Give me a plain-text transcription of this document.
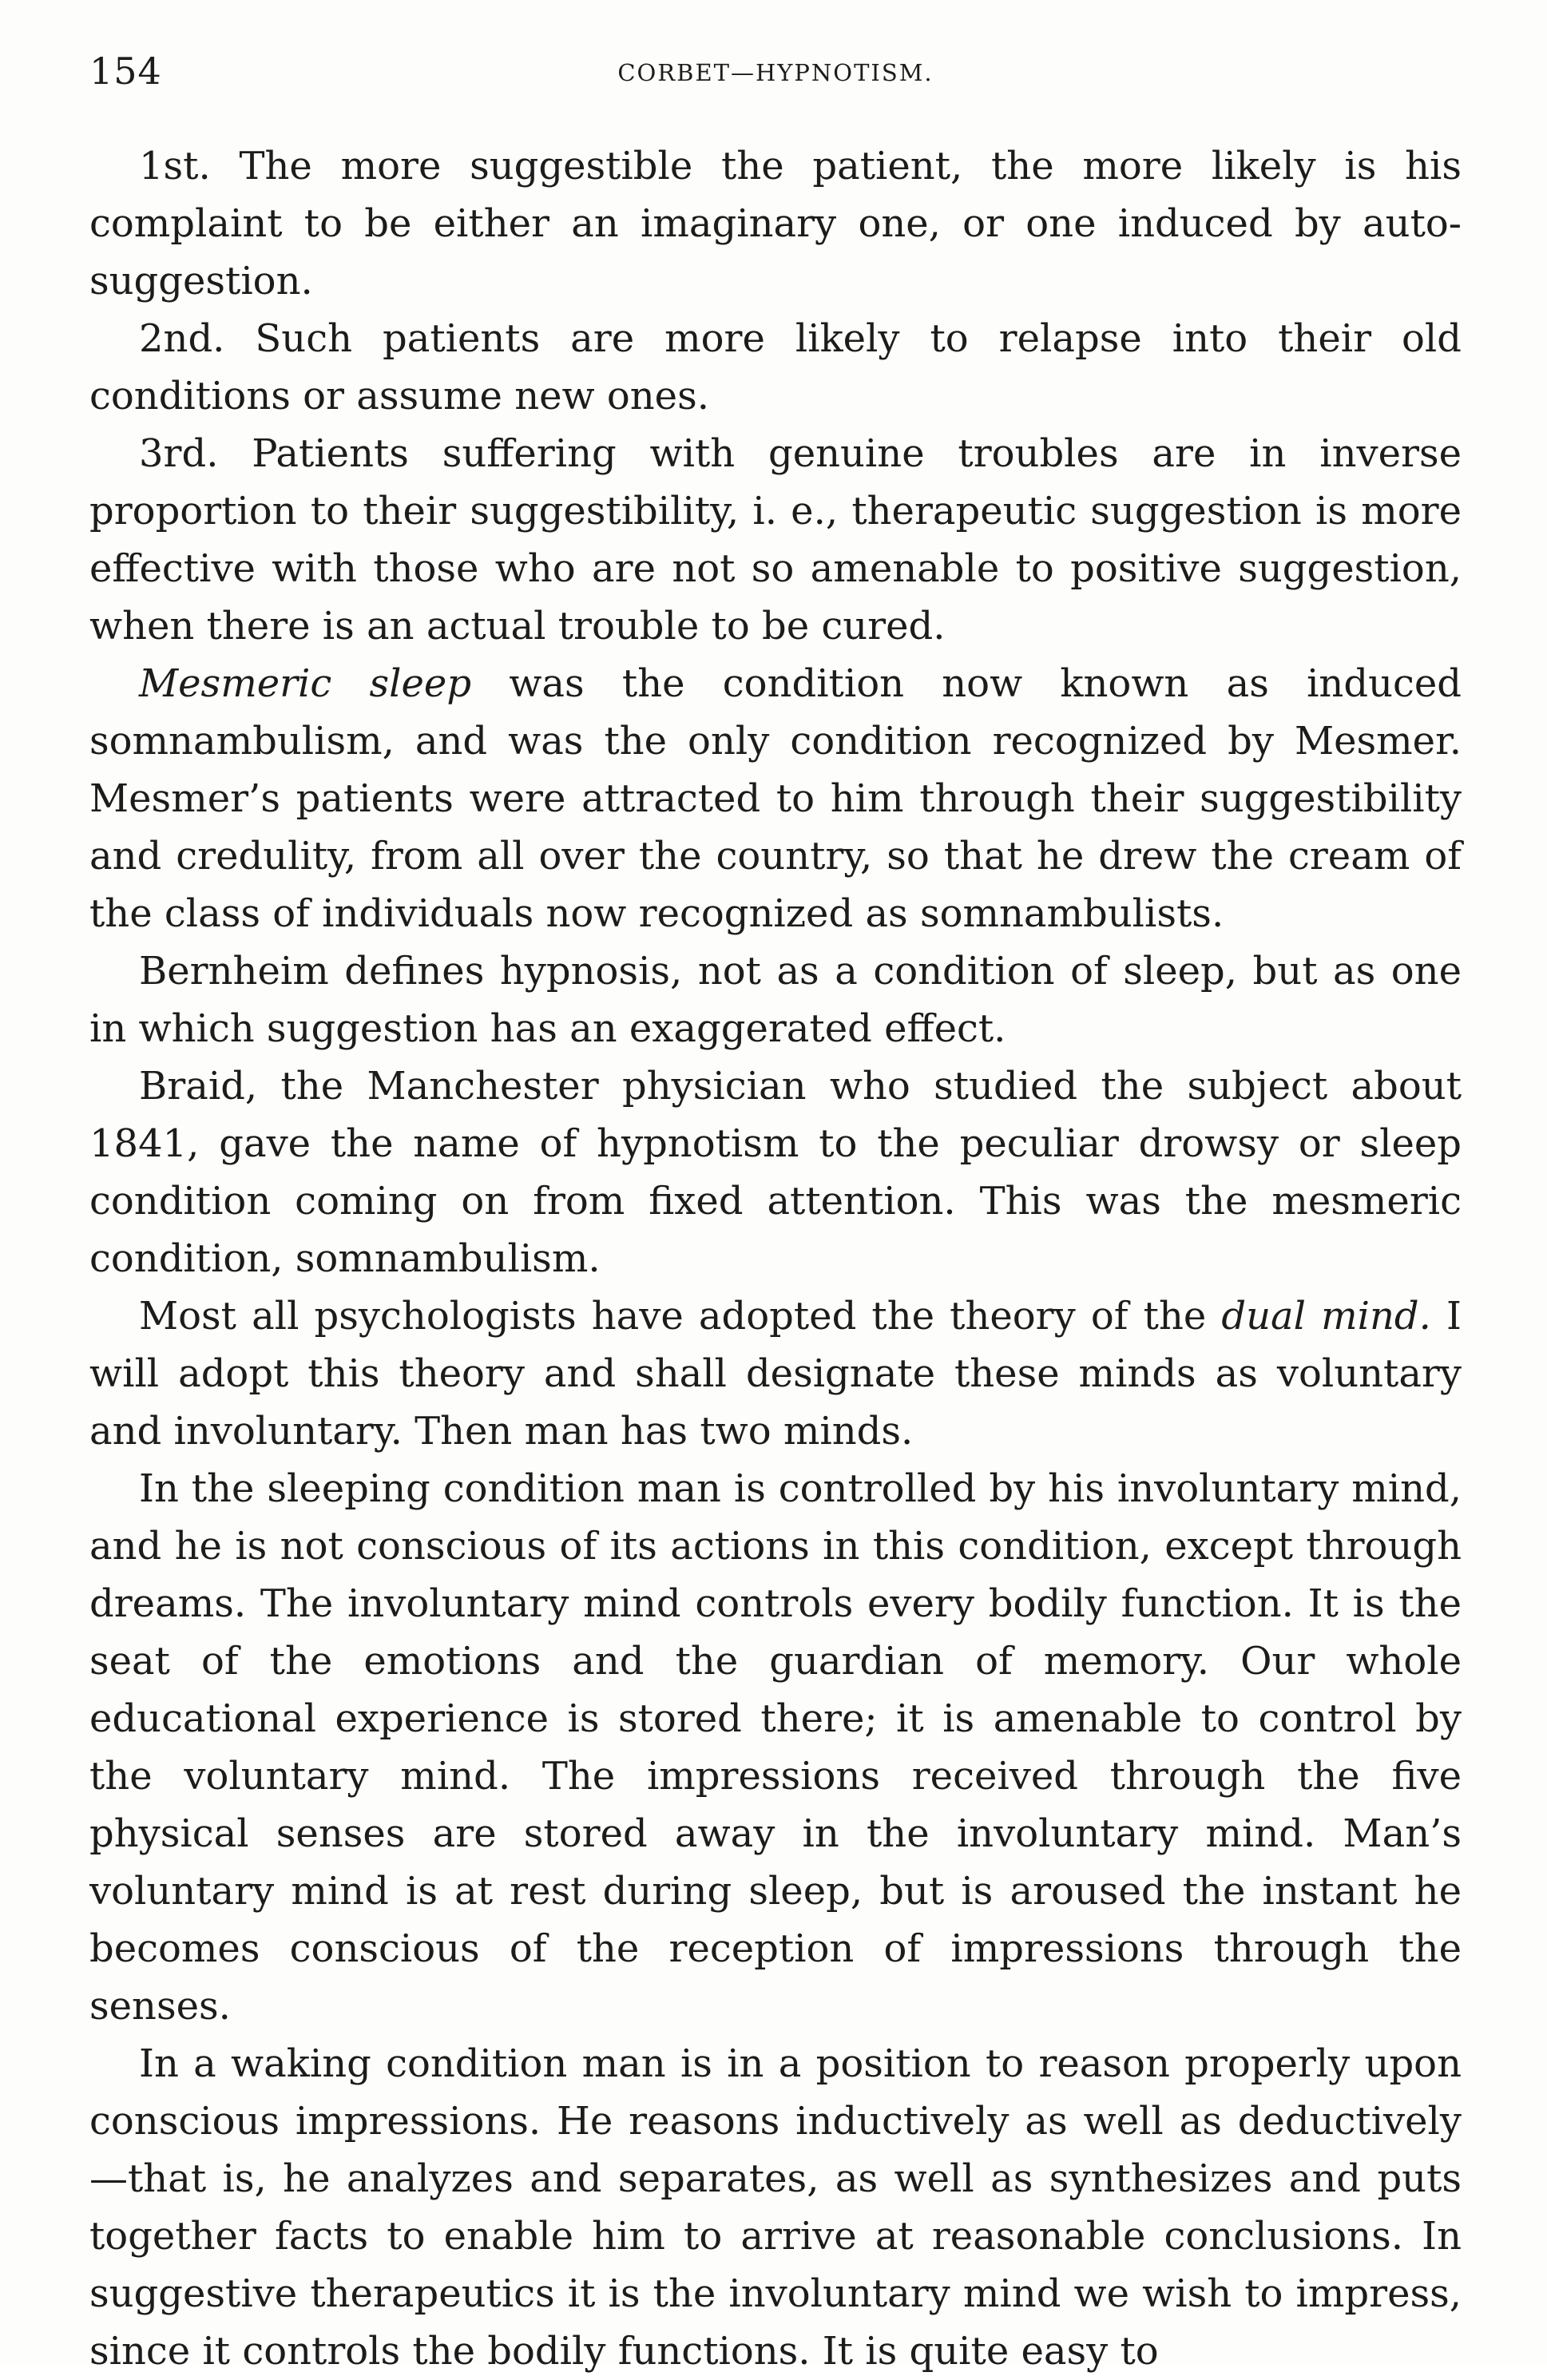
154	CORBET—HYPNOTISM.

1st. The more suggestible the patient, the more likely is his complaint to be either an imaginary one, or one induced by auto-suggestion.

2nd. Such patients are more likely to relapse into their old conditions or assume new ones.

3rd. Patients suffering with genuine troubles are in inverse proportion to their suggestibility, i. e., therapeutic suggestion is more effective with those who are not so amenable to positive suggestion, when there is an actual trouble to be cured.

Mesmeric sleep was the condition now known as induced somnambulism, and was the only condition recognized by Mesmer. Mesmer’s patients were attracted to him through their suggestibility and credulity, from all over the country, so that he drew the cream of the class of individuals now recognized as somnambulists.

Bernheim defines hypnosis, not as a condition of sleep, but as one in which suggestion has an exaggerated effect.

Braid, the Manchester physician who studied the subject about 1841, gave the name of hypnotism to the peculiar drowsy or sleep condition coming on from fixed attention. This was the mesmeric condition, somnambulism.

Most all psychologists have adopted the theory of the dual mind. I will adopt this theory and shall designate these minds as voluntary and involuntary. Then man has two minds.

In the sleeping condition man is controlled by his involuntary mind, and he is not conscious of its actions in this condition, except through dreams. The involuntary mind controls every bodily function. It is the seat of the emotions and the guardian of memory. Our whole educational experience is stored there; it is amenable to control by the voluntary mind. The impressions received through the five physical senses are stored away in the involuntary mind. Man’s voluntary mind is at rest during sleep, but is aroused the instant he becomes conscious of the reception of impressions through the senses.

In a waking condition man is in a position to reason properly upon conscious impressions. He reasons inductively as well as deductively —that is, he analyzes and separates, as well as synthesizes and puts together facts to enable him to arrive at reasonable conclusions. In suggestive therapeutics it is the involuntary mind we wish to impress, since it controls the bodily functions. It is quite easy to
